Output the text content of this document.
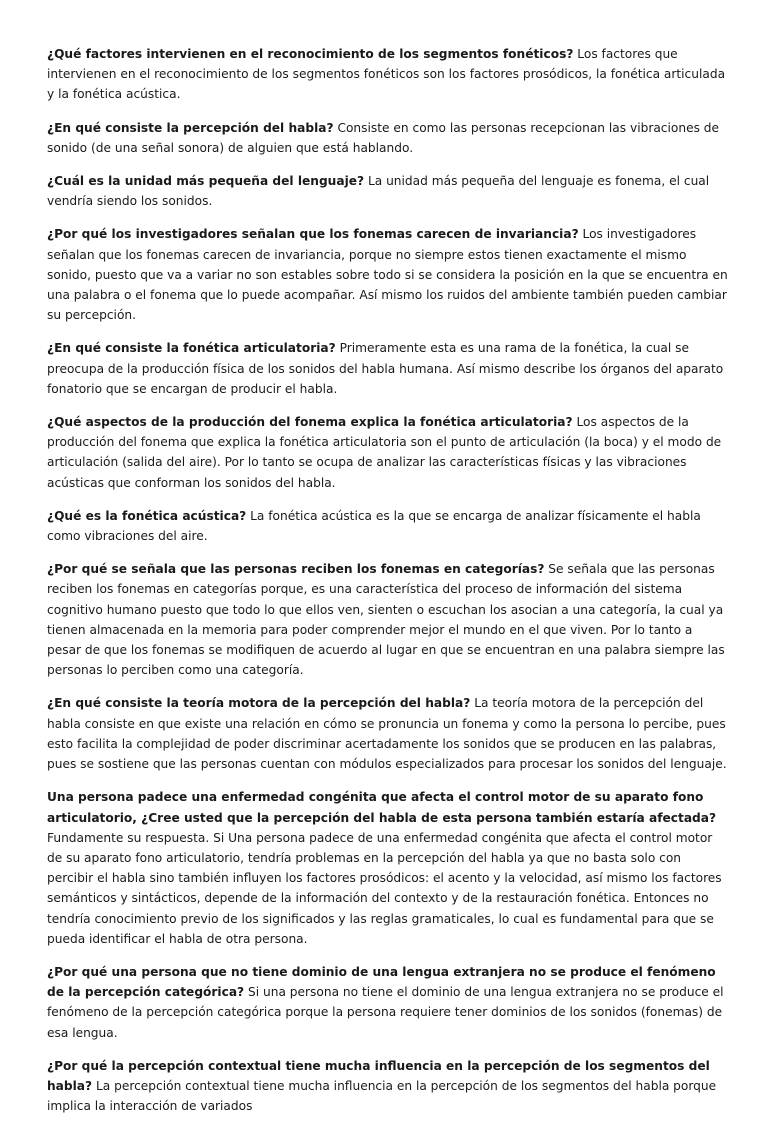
¿Qué factores intervienen en el reconocimiento de los segmentos fonéticos? Los factores que intervienen en el reconocimiento de los segmentos fonéticos son los factores prosódicos, la fonética articulada y la fonética acústica.

¿En qué consiste la percepción del habla? Consiste en como las personas recepcionan las vibraciones de sonido (de una señal sonora) de alguien que está hablando.

¿Cuál es la unidad más pequeña del lenguaje? La unidad más pequeña del lenguaje es fonema, el cual vendría siendo los sonidos.

¿Por qué los investigadores señalan que los fonemas carecen de invariancia? Los investigadores señalan que los fonemas carecen de invariancia, porque no siempre estos tienen exactamente el mismo sonido, puesto que va a variar no son estables sobre todo si se considera la posición en la que se encuentra en una palabra o el fonema que lo puede acompañar. Así mismo los ruidos del ambiente también pueden cambiar su percepción.

¿En qué consiste la fonética articulatoria? Primeramente esta es una rama de la fonética, la cual se preocupa de la producción física de los sonidos del habla humana. Así mismo describe los órganos del aparato fonatorio que se encargan de producir el habla.

¿Qué aspectos de la producción del fonema explica la fonética articulatoria? Los aspectos de la producción del fonema que explica la fonética articulatoria son el punto de articulación (la boca) y el modo de articulación (salida del aire). Por lo tanto se ocupa de analizar las características físicas y las vibraciones acústicas que conforman los sonidos del habla.

¿Qué es la fonética acústica? La fonética acústica es la que se encarga de analizar físicamente el habla como vibraciones del aire.

¿Por qué se señala que las personas reciben los fonemas en categorías? Se señala que las personas reciben los fonemas en categorías porque, es una característica del proceso de información del sistema cognitivo humano puesto que todo lo que ellos ven, sienten o escuchan los asocian a una categoría, la cual ya tienen almacenada en la memoria para poder comprender mejor el mundo en el que viven. Por lo tanto a pesar de que los fonemas se modifiquen de acuerdo al lugar en que se encuentran en una palabra siempre las personas lo perciben como una categoría.

¿En qué consiste la teoría motora de la percepción del habla? La teoría motora de la percepción del habla consiste en que existe una relación en cómo se pronuncia un fonema y como la persona lo percibe, pues esto facilita la complejidad de poder discriminar acertadamente los sonidos que se producen en las palabras, pues se sostiene que las personas cuentan con módulos especializados para procesar los sonidos del lenguaje.

Una persona padece una enfermedad congénita que afecta el control motor de su aparato fono articulatorio, ¿Cree usted que la percepción del habla de esta persona también estaría afectada? Fundamente su respuesta. Si Una persona padece de una enfermedad congénita que afecta el control motor de su aparato fono articulatorio, tendría problemas en la percepción del habla ya que no basta solo con percibir el habla sino también influyen los factores prosódicos: el acento y la velocidad, así mismo los factores semánticos y sintácticos, depende de la información del contexto y de la restauración fonética. Entonces no tendría conocimiento previo de los significados y las reglas gramaticales, lo cual es fundamental para que se pueda identificar el habla de otra persona.

¿Por qué una persona que no tiene dominio de una lengua extranjera no se produce el fenómeno de la percepción categórica? Si una persona no tiene el dominio de una lengua extranjera no se produce el fenómeno de la percepción categórica porque la persona requiere tener dominios de los sonidos (fonemas) de esa lengua.

¿Por qué la percepción contextual tiene mucha influencia en la percepción de los segmentos del habla? La percepción contextual tiene mucha influencia en la percepción de los segmentos del habla porque implica la interacción de variados
